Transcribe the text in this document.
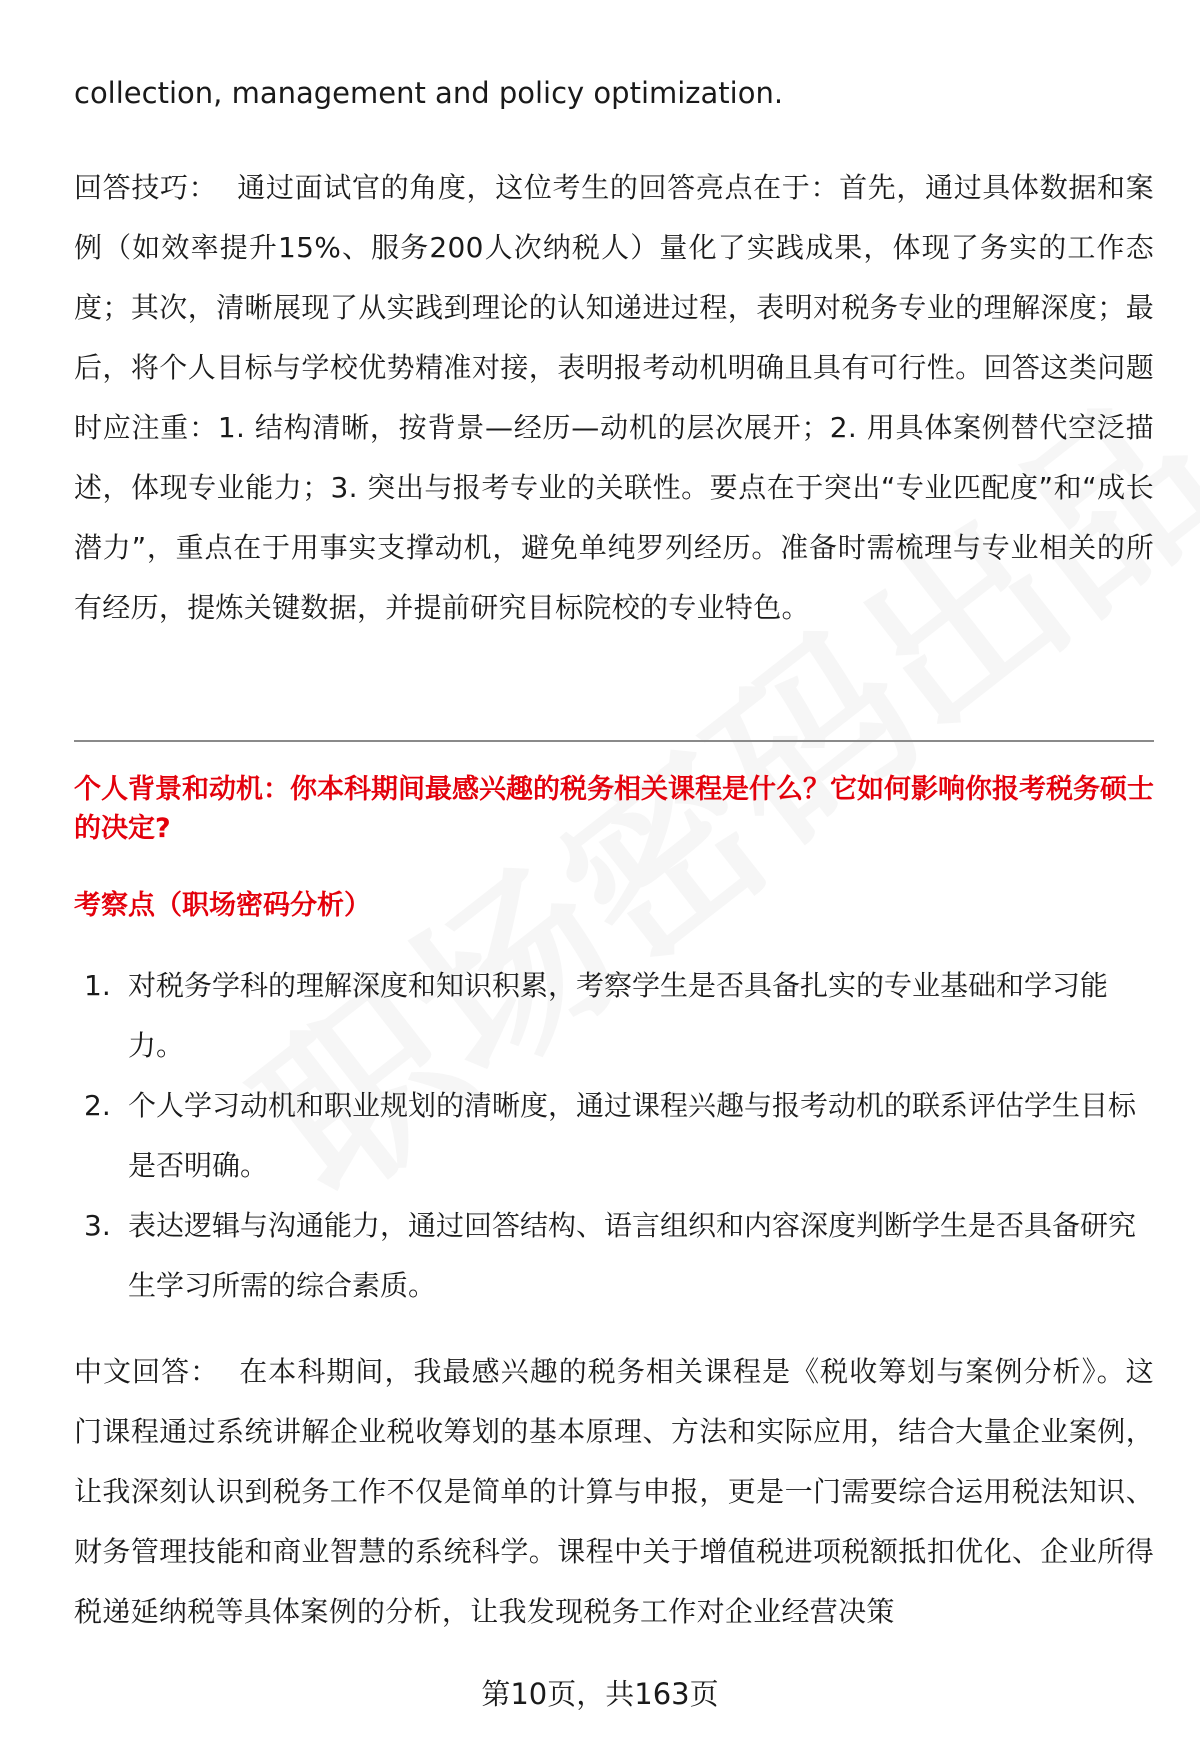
collection, management and policy optimization.
回答技巧： 通过面试官的角度，这位考生的回答亮点在于：首先，通过具体数据和案例（如效率提升15%、服务200人次纳税人）量化了实践成果，体现了务实的工作态度；其次，清晰展现了从实践到理论的认知递进过程，表明对税务专业的理解深度；最后，将个人目标与学校优势精准对接，表明报考动机明确且具有可行性。回答这类问题时应注重：1. 结构清晰，按背景—经历—动机的层次展开；2. 用具体案例替代空泛描述，体现专业能力；3. 突出与报考专业的关联性。要点在于突出“专业匹配度”和“成长潜力”，重点在于用事实支撑动机，避免单纯罗列经历。准备时需梳理与专业相关的所有经历，提炼关键数据，并提前研究目标院校的专业特色。
个人背景和动机：你本科期间最感兴趣的税务相关课程是什么？它如何影响你报考税务硕士的决定?
考察点（职场密码分析）
1. 对税务学科的理解深度和知识积累，考察学生是否具备扎实的专业基础和学习能力。
2. 个人学习动机和职业规划的清晰度，通过课程兴趣与报考动机的联系评估学生目标是否明确。
3. 表达逻辑与沟通能力，通过回答结构、语言组织和内容深度判断学生是否具备研究生学习所需的综合素质。
中文回答： 在本科期间，我最感兴趣的税务相关课程是《税收筹划与案例分析》。这门课程通过系统讲解企业税收筹划的基本原理、方法和实际应用，结合大量企业案例，让我深刻认识到税务工作不仅是简单的计算与申报，更是一门需要综合运用税法知识、财务管理技能和商业智慧的系统科学。课程中关于增值税进项税额抵扣优化、企业所得税递延纳税等具体案例的分析，让我发现税务工作对企业经营决策
第10页，共163页
